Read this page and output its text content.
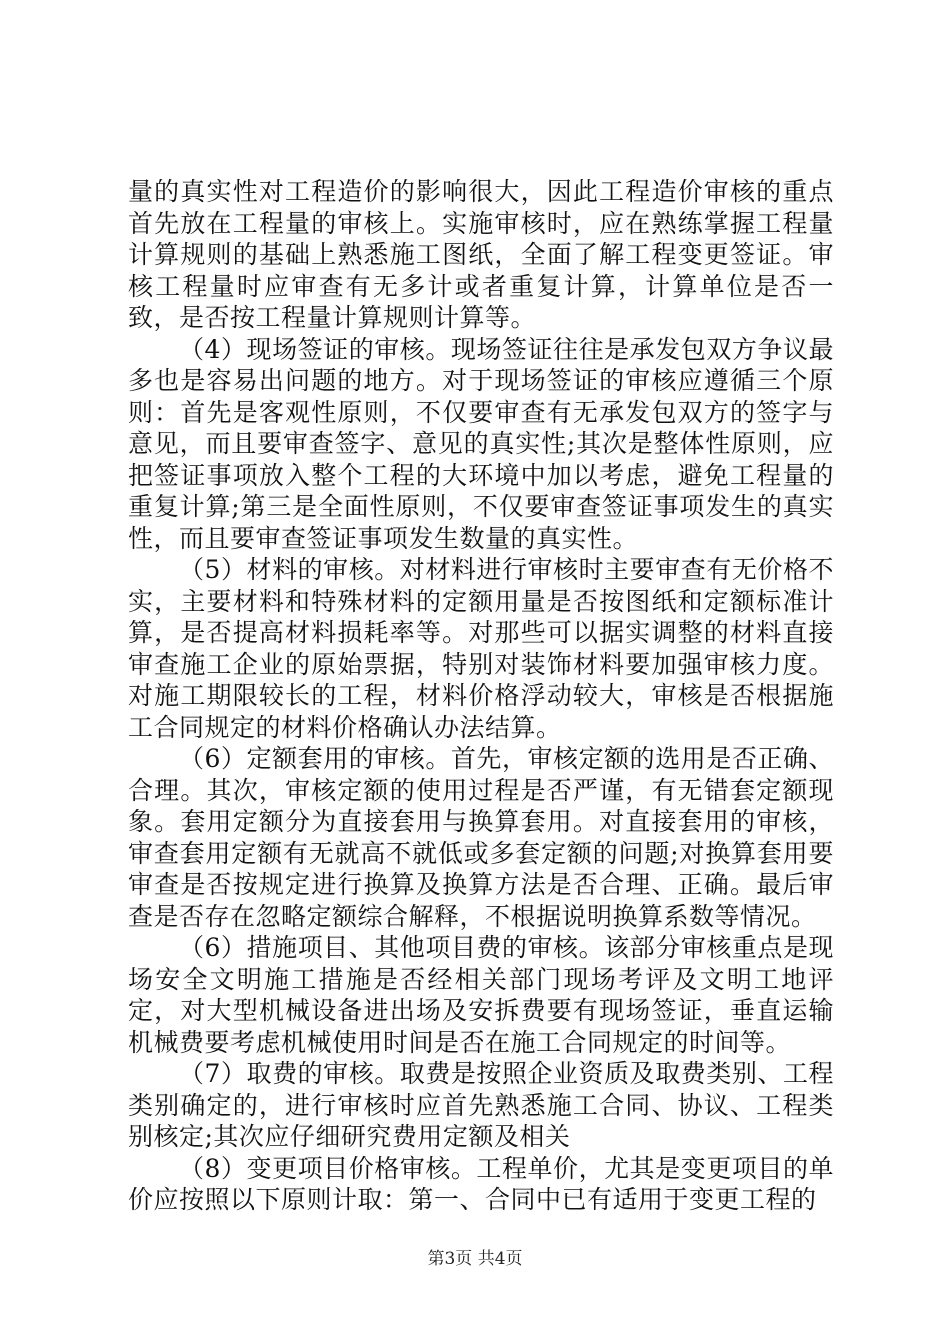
量的真实性对工程造价的影响很大，因此工程造价审核的重点首先放在工程量的审核上。实施审核时，应在熟练掌握工程量计算规则的基础上熟悉施工图纸，全面了解工程变更签证。审核工程量时应审查有无多计或者重复计算，计算单位是否一致，是否按工程量计算规则计算等。

（4）现场签证的审核。现场签证往往是承发包双方争议最多也是容易出问题的地方。对于现场签证的审核应遵循三个原则：首先是客观性原则，不仅要审查有无承发包双方的签字与意见，而且要审查签字、意见的真实性;其次是整体性原则，应把签证事项放入整个工程的大环境中加以考虑，避免工程量的重复计算;第三是全面性原则，不仅要审查签证事项发生的真实性，而且要审查签证事项发生数量的真实性。

（5）材料的审核。对材料进行审核时主要审查有无价格不实，主要材料和特殊材料的定额用量是否按图纸和定额标准计算，是否提高材料损耗率等。对那些可以据实调整的材料直接审查施工企业的原始票据，特别对装饰材料要加强审核力度。对施工期限较长的工程，材料价格浮动较大，审核是否根据施工合同规定的材料价格确认办法结算。

（6）定额套用的审核。首先，审核定额的选用是否正确、合理。其次，审核定额的使用过程是否严谨，有无错套定额现象。套用定额分为直接套用与换算套用。对直接套用的审核，审查套用定额有无就高不就低或多套定额的问题;对换算套用要审查是否按规定进行换算及换算方法是否合理、正确。最后审查是否存在忽略定额综合解释，不根据说明换算系数等情况。

（6）措施项目、其他项目费的审核。该部分审核重点是现场安全文明施工措施是否经相关部门现场考评及文明工地评定，对大型机械设备进出场及安拆费要有现场签证，垂直运输机械费要考虑机械使用时间是否在施工合同规定的时间等。

（7）取费的审核。取费是按照企业资质及取费类别、工程类别确定的，进行审核时应首先熟悉施工合同、协议、工程类别核定;其次应仔细研究费用定额及相关

（8）变更项目价格审核。工程单价，尤其是变更项目的单价应按照以下原则计取：第一、合同中已有适用于变更工程的

第3页 共4页
